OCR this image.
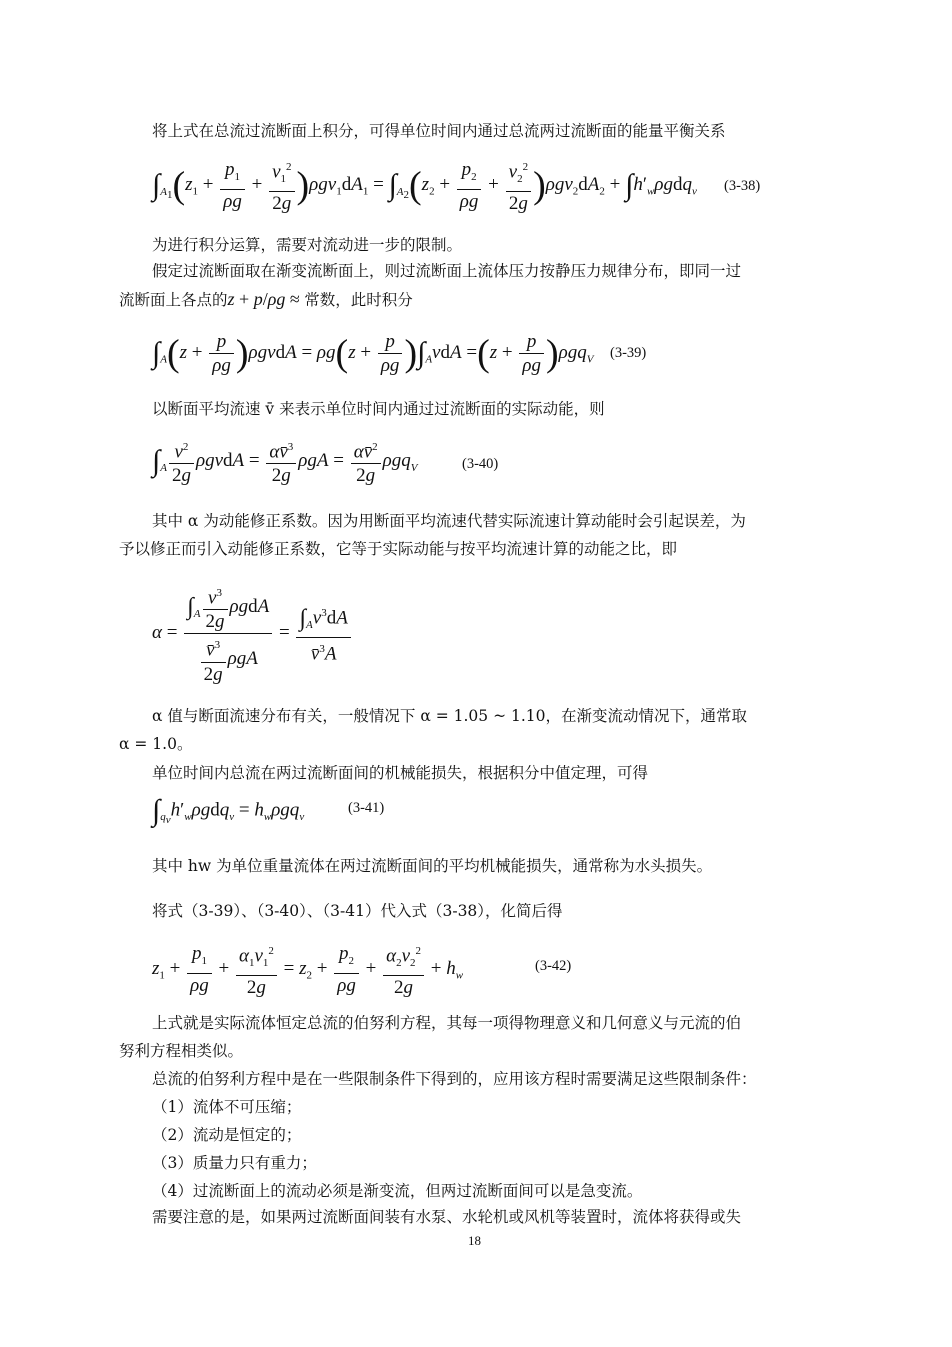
将上式在总流过流断面上积分，可得单位时间内通过总流两过流断面的能量平衡关系
$\int_{A_1}(z_1 + \frac{p_1}{\rho g} + \frac{v_1^2}{2g} )\rho gv_1dA_1 = \int_{A_2}(z_2 + \frac{p_2}{\rho g} + \frac{v_2^2}{2g} )\rho gv_2dA_2 + \int h'_w\rho gdq_v$ (3-38)
为进行积分运算，需要对流动进一步的限制。
假定过流断面取在渐变流断面上，则过流断面上流体压力按静压力规律分布，即同一过
流断面上各点的z + p/ρg ≈ 常数，此时积分
$\int_A(z + \frac{p}{\rho g}$ )ρgvdA = $\rho g(z + \frac{p}{\rho g} )\int_AvdA =(z + \frac{p}{\rho g} )\rho gq_V$ (3-39)
以断面平均流速 v̄ 来表示单位时间内通过过流断面的实际动能，则
$\int_A \frac{v^2}{2g}$ ρgvdA = $\frac{\alpha v̄^3}{2g}$ $\rho gA = \frac{\alpha v̄^2}{2g} \rho gq_V$	(3-40)
其中 α 为动能修正系数。因为用断面平均流速代替实际流速计算动能时会引起误差，为
予以修正而引入动能修正系数，它等于实际动能与按平均流速计算的动能之比，即
$\alpha = \frac{\int_A \frac{v^3}{2g} \rho gdA}{\frac{v̄^3}{2g} \rho gA} = \frac{\int_Av^3dA}{v̄^3A}$
α 值与断面流速分布有关，一般情况下 α = 1.05 ~ 1.10，在渐变流动情况下，通常取
α = 1.0。
单位时间内总流在两过流断面间的机械能损失，根据积分中值定理，可得
$\int_{q_v}h'_w\rho gdq_v = h_w\rho gq_v$
(3-41)
其中 hw 为单位重量流体在两过流断面间的平均机械能损失，通常称为水头损失。
将式（3-39）、（3-40）、（3-41）代入式（3-38），化简后得
$z_1 + \frac{p_1}{\rho g} + \frac{\alpha_1v_1^2}{2g} = z_2 + \frac{p_2}{\rho g} + \frac{\alpha_2v_2^2}{2g} + h_w$
(3-42)
上式就是实际流体恒定总流的伯努利方程，其每一项得物理意义和几何意义与元流的伯
努利方程相类似。
总流的伯努利方程中是在一些限制条件下得到的，应用该方程时需要满足这些限制条件：
（1）流体不可压缩；
（2）流动是恒定的；
（3）质量力只有重力；
（4）过流断面上的流动必须是渐变流，但两过流断面间可以是急变流。
需要注意的是，如果两过流断面间装有水泵、水轮机或风机等装置时，流体将获得或失
18
